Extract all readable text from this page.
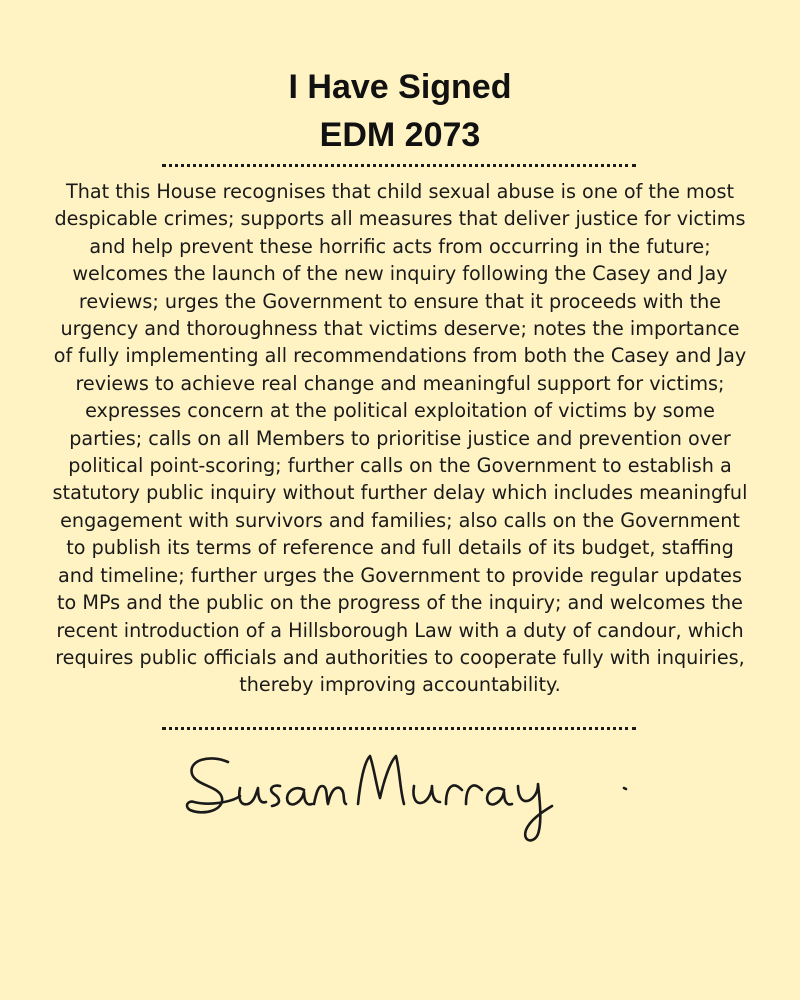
I Have Signed
EDM 2073

That this House recognises that child sexual abuse is one of the most despicable crimes; supports all measures that deliver justice for victims and help prevent these horrific acts from occurring in the future; welcomes the launch of the new inquiry following the Casey and Jay reviews; urges the Government to ensure that it proceeds with the urgency and thoroughness that victims deserve; notes the importance of fully implementing all recommendations from both the Casey and Jay reviews to achieve real change and meaningful support for victims; expresses concern at the political exploitation of victims by some parties; calls on all Members to prioritise justice and prevention over political point-scoring; further calls on the Government to establish a statutory public inquiry without further delay which includes meaningful engagement with survivors and families; also calls on the Government to publish its terms of reference and full details of its budget, staffing and timeline; further urges the Government to provide regular updates to MPs and the public on the progress of the inquiry; and welcomes the recent introduction of a Hillsborough Law with a duty of candour, which requires public officials and authorities to cooperate fully with inquiries, thereby improving accountability.
